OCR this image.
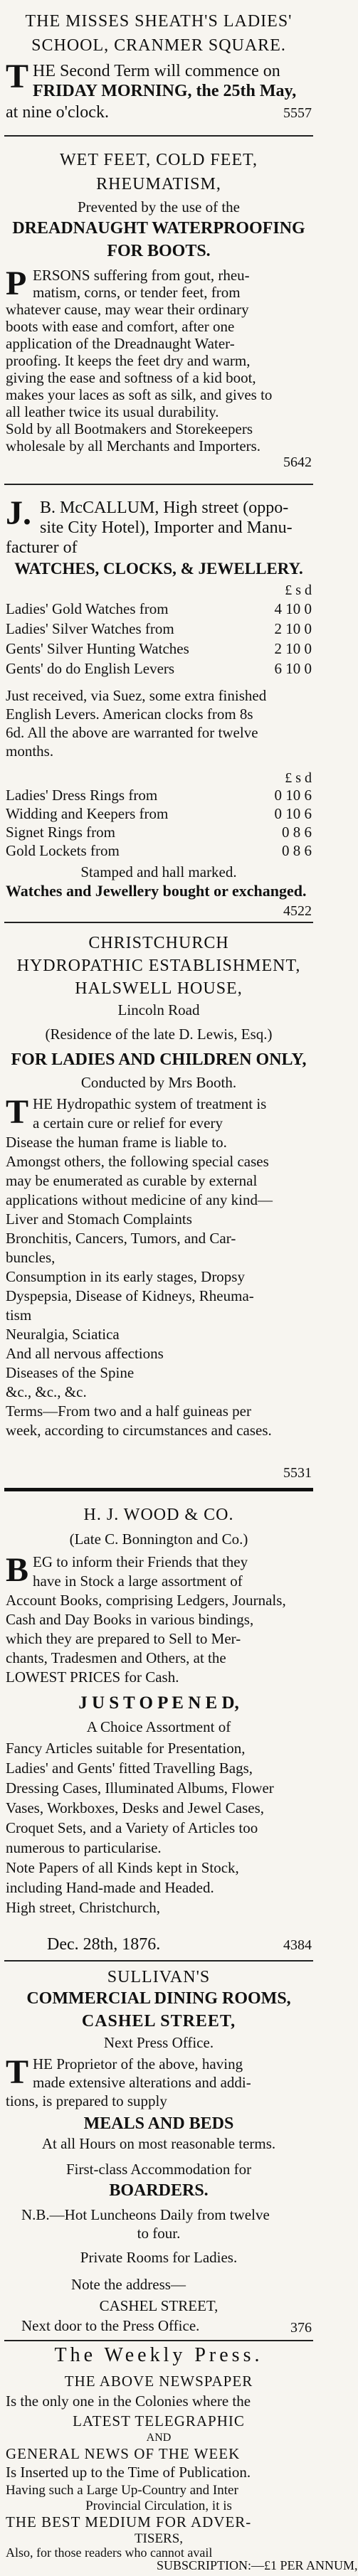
THE MISSES SHEATH'S LADIES'
SCHOOL, CRANMER SQUARE.
T HE Second Term will commence on
FRIDAY MORNING, the 25th May,
at nine o'clock.	5557
WET FEET, COLD FEET,
RHEUMATISM,
Prevented by the use of the
DREADNAUGHT WATERPROOFING
FOR BOOTS.
P ERSONS suffering from gout, rheu-
matism, corns, or tender feet, from
whatever cause, may wear their ordinary
boots with ease and comfort, after one
application of the Dreadnaught Water-
proofing. It keeps the feet dry and warm,
giving the ease and softness of a kid boot,
makes your laces as soft as silk, and gives to
all leather twice its usual durability.
Sold by all Bootmakers and Storekeepers
wholesale by all Merchants and Importers.
5642
J. B. McCALLUM, High street (oppo-
site City Hotel), Importer and Manu-
facturer of
WATCHES, CLOCKS, & JEWELLERY.
£ s d
Ladies' Gold Watches from	4 10 0
Ladies' Silver Watches from	2 10 0
Gents' Silver Hunting Watches	2 10 0
Gents' do do English Levers	6 10 0
Just received, via Suez, some extra finished
English Levers. American clocks from 8s
6d. All the above are warranted for twelve
months.
£ s d
Ladies' Dress Rings from	0 10 6
Widding and Keepers from	0 10 6
Signet Rings from	0 8 6
Gold Lockets from	0 8 6
Stamped and hall marked.
Watches and Jewellery bought or exchanged.
4522
CHRISTCHURCH
HYDROPATHIC ESTABLISHMENT,
HALSWELL HOUSE,
Lincoln Road
(Residence of the late D. Lewis, Esq.)
FOR LADIES AND CHILDREN ONLY,
Conducted by Mrs Booth.
T HE Hydropathic system of treatment is
a certain cure or relief for every
Disease the human frame is liable to.
Amongst others, the following special cases
may be enumerated as curable by external
applications without medicine of any kind—
Liver and Stomach Complaints
Bronchitis, Cancers, Tumors, and Car-
buncles,
Consumption in its early stages, Dropsy
Dyspepsia, Disease of Kidneys, Rheuma-
tism
Neuralgia, Sciatica
And all nervous affections
Diseases of the Spine
&c., &c., &c.
Terms—From two and a half guineas per
week, according to circumstances and cases.
5531
H. J. WOOD & CO.
(Late C. Bonnington and Co.)
B EG to inform their Friends that they
have in Stock a large assortment of
Account Books, comprising Ledgers, Journals,
Cash and Day Books in various bindings,
which they are prepared to Sell to Mer-
chants, Tradesmen and Others, at the
LOWEST PRICES for Cash.
J U S T O P E N E D,
A Choice Assortment of
Fancy Articles suitable for Presentation,
Ladies' and Gents' fitted Travelling Bags,
Dressing Cases, Illuminated Albums, Flower
Vases, Workboxes, Desks and Jewel Cases,
Croquet Sets, and a Variety of Articles too
numerous to particularise.
Note Papers of all Kinds kept in Stock,
including Hand-made and Headed.
High street, Christchurch,
Dec. 28th, 1876.	4384
SULLIVAN'S
COMMERCIAL DINING ROOMS,
CASHEL STREET,
Next Press Office.
T HE Proprietor of the above, having
made extensive alterations and addi-
tions, is prepared to supply
MEALS AND BEDS
At all Hours on most reasonable terms.
First-class Accommodation for
BOARDERS.
N.B.—Hot Luncheons Daily from twelve
to four.
Private Rooms for Ladies.
Note the address—
CASHEL STREET,
Next door to the Press Office.	376
The Weekly Press.
THE ABOVE NEWSPAPER
Is the only one in the Colonies where the
LATEST TELEGRAPHIC
AND
GENERAL NEWS OF THE WEEK
Is Inserted up to the Time of Publication.
Having such a Large Up-Country and Inter
Provincial Circulation, it is
THE BEST MEDIUM FOR ADVER-
TISERS,
Also, for those readers who cannot avail
SUBSCRIPTION:—£1 PER ANNUM,
